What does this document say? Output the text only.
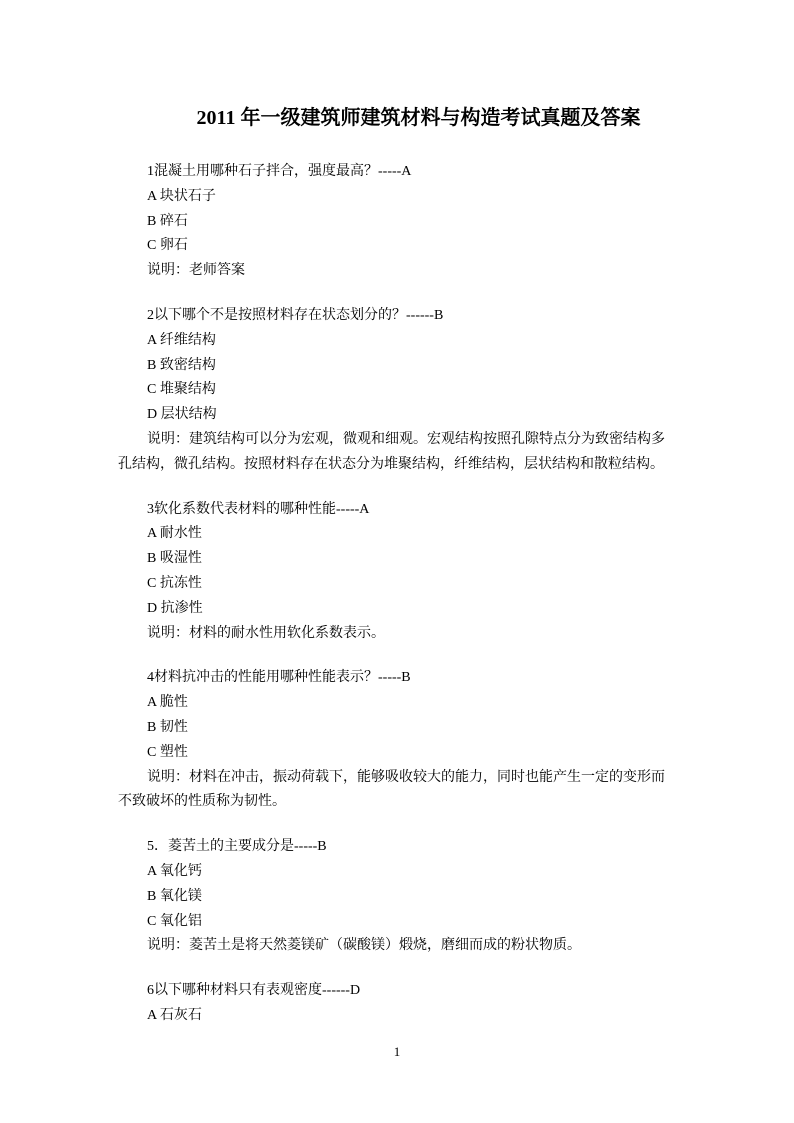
2011 年一级建筑师建筑材料与构造考试真题及答案
1混凝土用哪种石子拌合，强度最高？-----A
A 块状石子
B 碎石
C 卵石
说明：老师答案
2以下哪个不是按照材料存在状态划分的？------B
A 纤维结构
B 致密结构
C 堆聚结构
D 层状结构
说明：建筑结构可以分为宏观，微观和细观。宏观结构按照孔隙特点分为致密结构多
孔结构，微孔结构。按照材料存在状态分为堆聚结构，纤维结构，层状结构和散粒结构。
3软化系数代表材料的哪种性能-----A
A 耐水性
B 吸湿性
C 抗冻性
D 抗渗性
说明：材料的耐水性用软化系数表示。
4材料抗冲击的性能用哪种性能表示？-----B
A 脆性
B 韧性
C 塑性
说明：材料在冲击，振动荷载下，能够吸收较大的能力，同时也能产生一定的变形而
不致破坏的性质称为韧性。
5．菱苦土的主要成分是-----B
A 氧化钙
B 氧化镁
C 氧化铝
说明：菱苦土是将天然菱镁矿（碳酸镁）煅烧，磨细而成的粉状物质。
6以下哪种材料只有表观密度------D
A 石灰石
1
